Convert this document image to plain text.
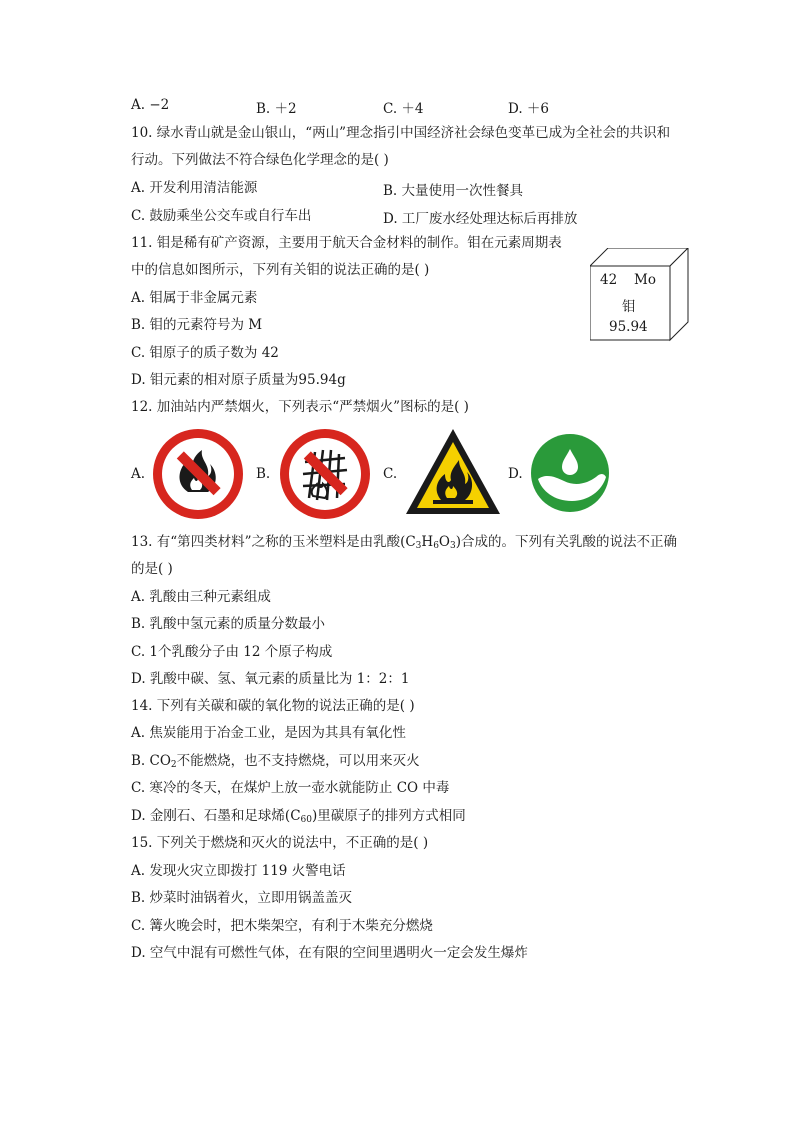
A. −2	B. ＋2	C. ＋4	D. ＋6
10. 绿水青山就是金山银山，“两山”理念指引中国经济社会绿色变革已成为全社会的共识和
行动。下列做法不符合绿色化学理念的是( )
A. 开发利用清洁能源	B. 大量使用一次性餐具
C. 鼓励乘坐公交车或自行车出	D. 工厂废水经处理达标后再排放
11. 钼是稀有矿产资源，主要用于航天合金材料的制作。钼在元素周期表
中的信息如图所示，下列有关钼的说法正确的是( )
A. 钼属于非金属元素
B. 钼的元素符号为 M
C. 钼原子的质子数为 42
D. 钼元素的相对原子质量为95.94g
42 Mo
钼
95.94
12. 加油站内严禁烟火，下列表示“严禁烟火”图标的是( )
A.	B.	C.	D.
13. 有“第四类材料”之称的玉米塑料是由乳酸$(C_3H_6O_3)$合成的。下列有关乳酸的说法不正确
的是( )
A. 乳酸由三种元素组成
B. 乳酸中氢元素的质量分数最小
C. 1个乳酸分子由 12 个原子构成
D. 乳酸中碳、氢、氧元素的质量比为 1：2：1
14. 下列有关碳和碳的氧化物的说法正确的是( )
A. 焦炭能用于冶金工业，是因为其具有氧化性
B. $CO_2$不能燃烧，也不支持燃烧，可以用来灭火
C. 寒冷的冬天，在煤炉上放一壶水就能防止 CO 中毒
D. 金刚石、石墨和足球烯$(C_{60})$里碳原子的排列方式相同
15. 下列关于燃烧和灭火的说法中，不正确的是( )
A. 发现火灾立即拨打 119 火警电话
B. 炒菜时油锅着火，立即用锅盖盖灭
C. 篝火晚会时，把木柴架空，有利于木柴充分燃烧
D. 空气中混有可燃性气体，在有限的空间里遇明火一定会发生爆炸
